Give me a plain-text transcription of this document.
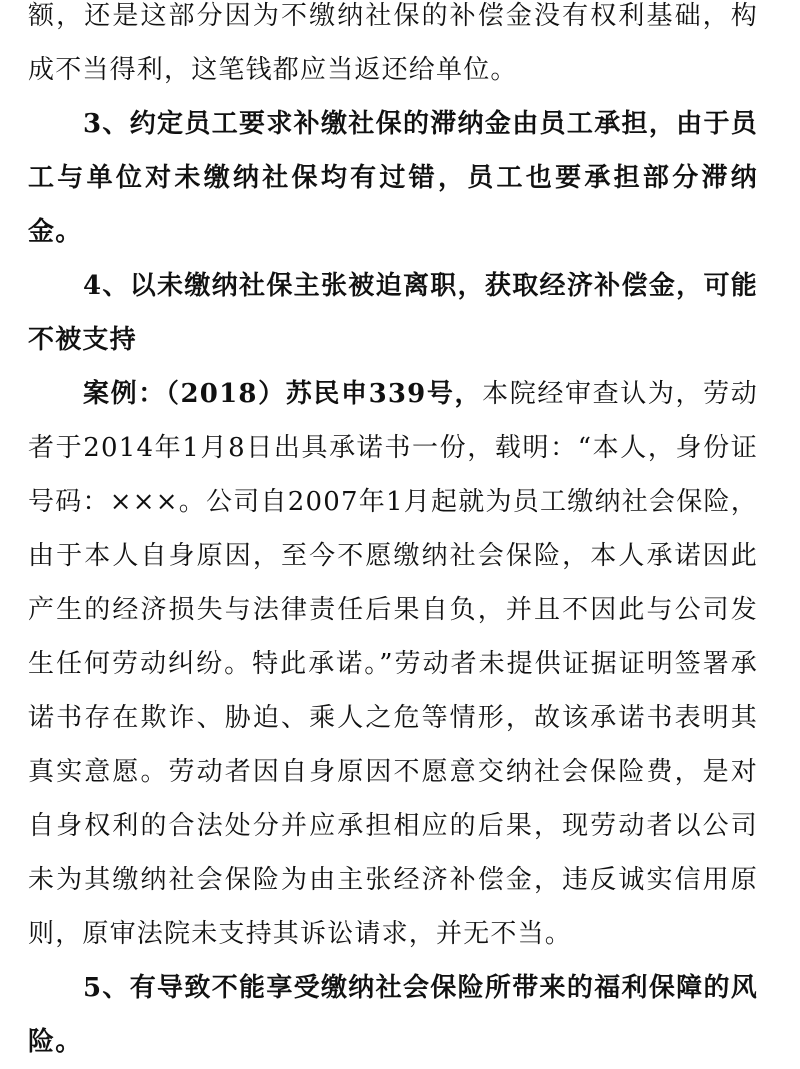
额，还是这部分因为不缴纳社保的补偿金没有权利基础，构成不当得利，这笔钱都应当返还给单位。

3、约定员工要求补缴社保的滞纳金由员工承担，由于员工与单位对未缴纳社保均有过错，员工也要承担部分滞纳金。

4、以未缴纳社保主张被迫离职，获取经济补偿金，可能不被支持

案例：（2018）苏民申339号，本院经审查认为，劳动者于2014年1月8日出具承诺书一份，载明：“本人，身份证号码：×××。公司自2007年1月起就为员工缴纳社会保险，由于本人自身原因，至今不愿缴纳社会保险，本人承诺因此产生的经济损失与法律责任后果自负，并且不因此与公司发生任何劳动纠纷。特此承诺。”劳动者未提供证据证明签署承诺书存在欺诈、胁迫、乘人之危等情形，故该承诺书表明其真实意愿。劳动者因自身原因不愿意交纳社会保险费，是对自身权利的合法处分并应承担相应的后果，现劳动者以公司未为其缴纳社会保险为由主张经济补偿金，违反诚实信用原则，原审法院未支持其诉讼请求，并无不当。

5、有导致不能享受缴纳社会保险所带来的福利保障的风险。
